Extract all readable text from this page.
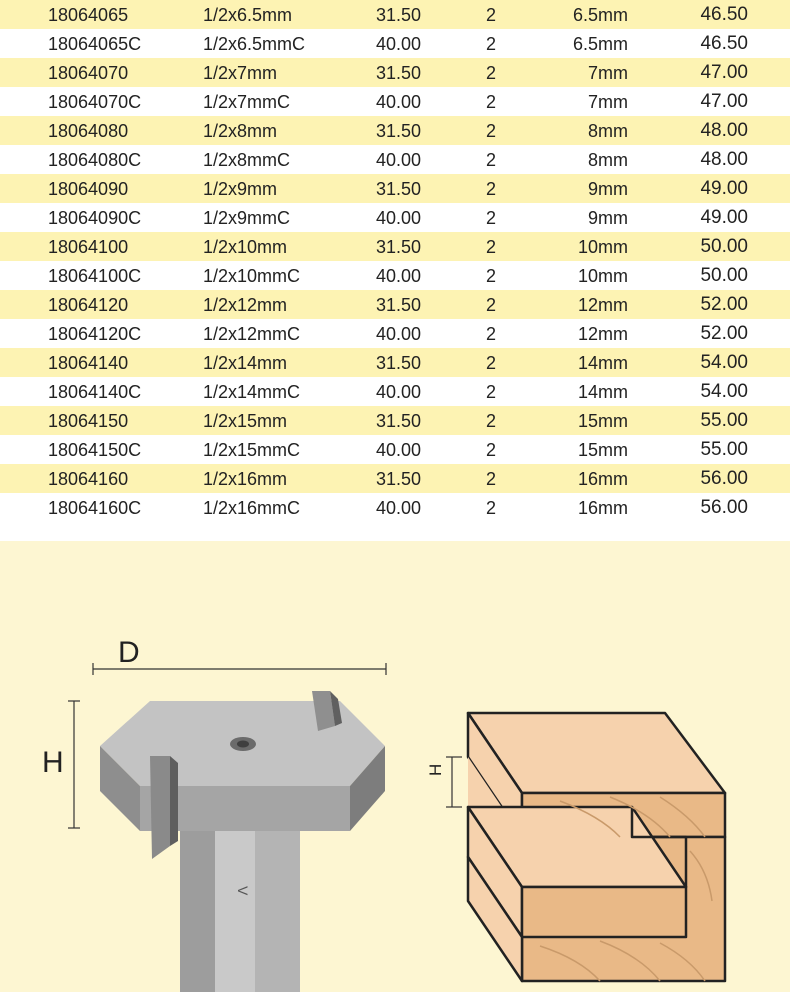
18064065	1/2x6.5mm	31.50	2	6.5mm	46.50
18064065C	1/2x6.5mmC	40.00	2	6.5mm	46.50
18064070	1/2x7mm	31.50	2	7mm	47.00
18064070C	1/2x7mmC	40.00	2	7mm	47.00
18064080	1/2x8mm	31.50	2	8mm	48.00
18064080C	1/2x8mmC	40.00	2	8mm	48.00
18064090	1/2x9mm	31.50	2	9mm	49.00
18064090C	1/2x9mmC	40.00	2	9mm	49.00
18064100	1/2x10mm	31.50	2	10mm	50.00
18064100C	1/2x10mmC	40.00	2	10mm	50.00
18064120	1/2x12mm	31.50	2	12mm	52.00
18064120C	1/2x12mmC	40.00	2	12mm	52.00
18064140	1/2x14mm	31.50	2	14mm	54.00
18064140C	1/2x14mmC	40.00	2	14mm	54.00
18064150	1/2x15mm	31.50	2	15mm	55.00
18064150C	1/2x15mmC	40.00	2	15mm	55.00
18064160	1/2x16mm	31.50	2	16mm	56.00
18064160C	1/2x16mmC	40.00	2	16mm	56.00
V
H
D
H
